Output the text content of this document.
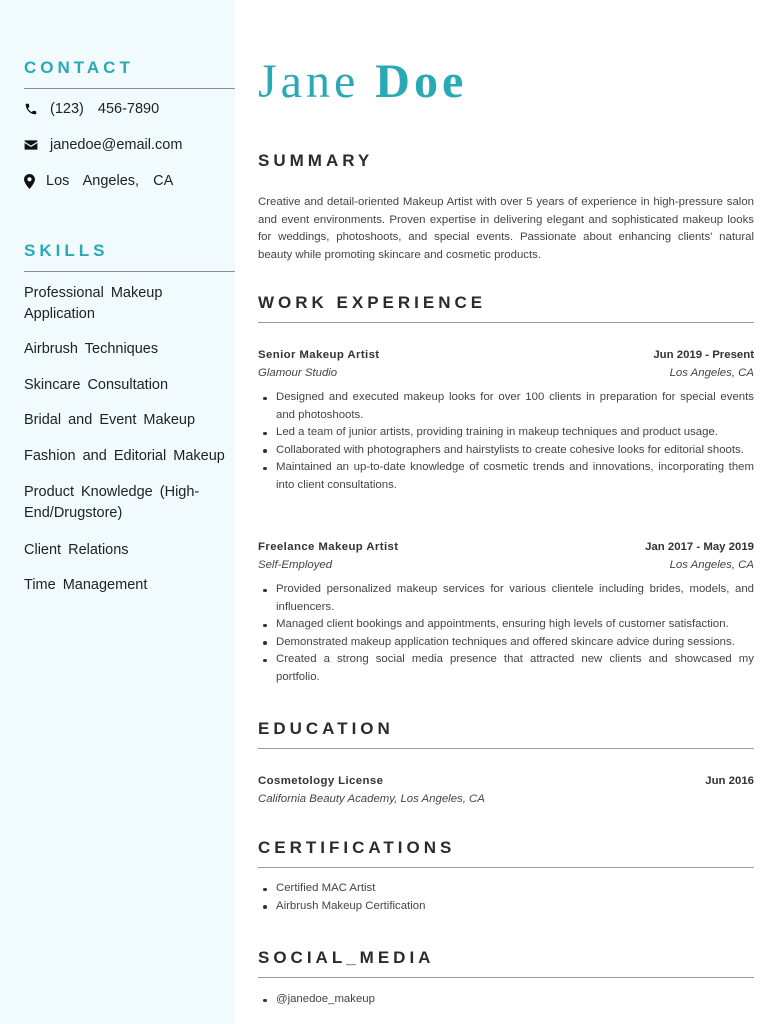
CONTACT
(123)  456-7890
janedoe@email.com
Los  Angeles,  CA
SKILLS
Professional Makeup Application
Airbrush Techniques
Skincare Consultation
Bridal and Event Makeup
Fashion and Editorial Makeup
Product Knowledge (High-End/Drugstore)
Client Relations
Time Management
Jane Doe
SUMMARY
Creative and detail-oriented Makeup Artist with over 5 years of experience in high-pressure salon and event environments. Proven expertise in delivering elegant and sophisticated makeup looks for weddings, photoshoots, and special events. Passionate about enhancing clients' natural beauty while promoting skincare and cosmetic products.
WORK EXPERIENCE
Senior Makeup Artist	Jun 2019 - Present
Glamour Studio	Los Angeles, CA
Designed and executed makeup looks for over 100 clients in preparation for special events and photoshoots.
Led a team of junior artists, providing training in makeup techniques and product usage.
Collaborated with photographers and hairstylists to create cohesive looks for editorial shoots.
Maintained an up-to-date knowledge of cosmetic trends and innovations, incorporating them into client consultations.
Freelance Makeup Artist	Jan 2017 - May 2019
Self-Employed	Los Angeles, CA
Provided personalized makeup services for various clientele including brides, models, and influencers.
Managed client bookings and appointments, ensuring high levels of customer satisfaction.
Demonstrated makeup application techniques and offered skincare advice during sessions.
Created a strong social media presence that attracted new clients and showcased my portfolio.
EDUCATION
Cosmetology License	Jun 2016
California Beauty Academy, Los Angeles, CA
CERTIFICATIONS
Certified MAC Artist
Airbrush Makeup Certification
SOCIAL_MEDIA
@janedoe_makeup
